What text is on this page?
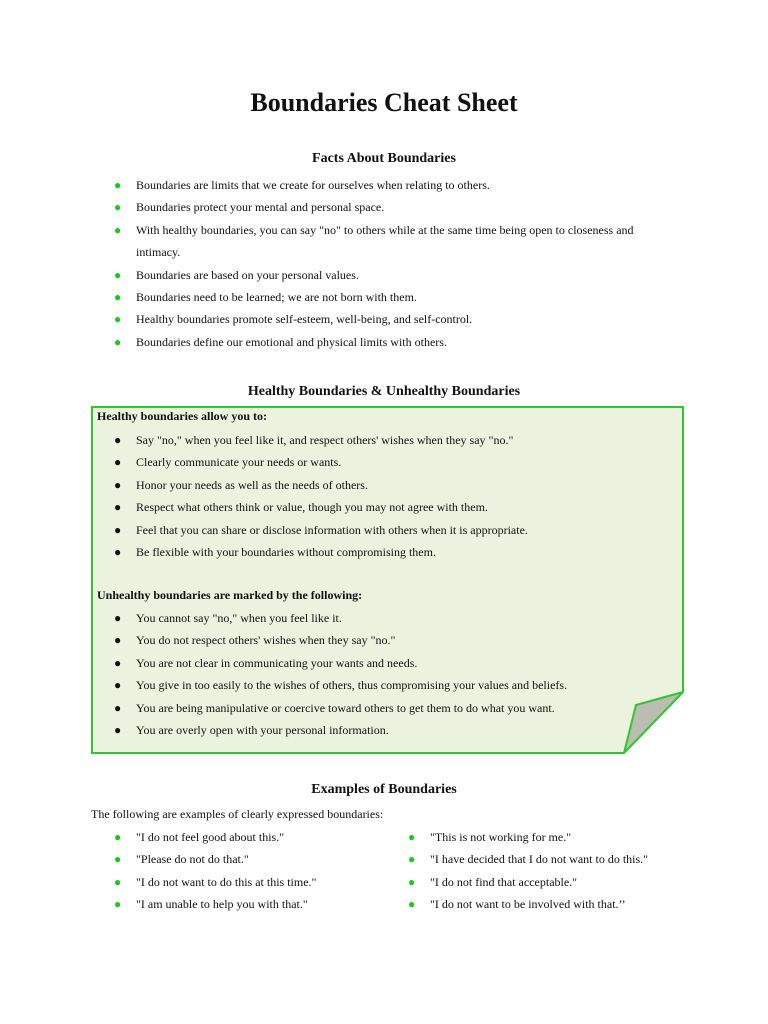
Boundaries Cheat Sheet
Facts About Boundaries
● Boundaries are limits that we create for ourselves when relating to others.
● Boundaries protect your mental and personal space.
● With healthy boundaries, you can say "no" to others while at the same time being open to closeness and intimacy.
● Boundaries are based on your personal values.
● Boundaries need to be learned; we are not born with them.
● Healthy boundaries promote self-esteem, well-being, and self-control.
● Boundaries define our emotional and physical limits with others.
Healthy Boundaries & Unhealthy Boundaries

Healthy boundaries allow you to:

● Say "no," when you feel like it, and respect others' wishes when they say "no."
● Clearly communicate your needs or wants.
● Honor your needs as well as the needs of others.
● Respect what others think or value, though you may not agree with them.
● Feel that you can share or disclose information with others when it is appropriate.
● Be flexible with your boundaries without compromising them.

Unhealthy boundaries are marked by the following:

● You cannot say "no," when you feel like it.
● You do not respect others' wishes when they say "no."
● You are not clear in communicating your wants and needs.
● You give in too easily to the wishes of others, thus compromising your values and beliefs.
● You are being manipulative or coercive toward others to get them to do what you want.
● You are overly open with your personal information.
Examples of Boundaries

The following are examples of clearly expressed boundaries:

● "I do not feel good about this."
● "Please do not do that."
● "I do not want to do this at this time."
● "I am unable to help you with that."
● "This is not working for me."
● "I have decided that I do not want to do this."
● "I do not find that acceptable."
● "I do not want to be involved with that.’’
